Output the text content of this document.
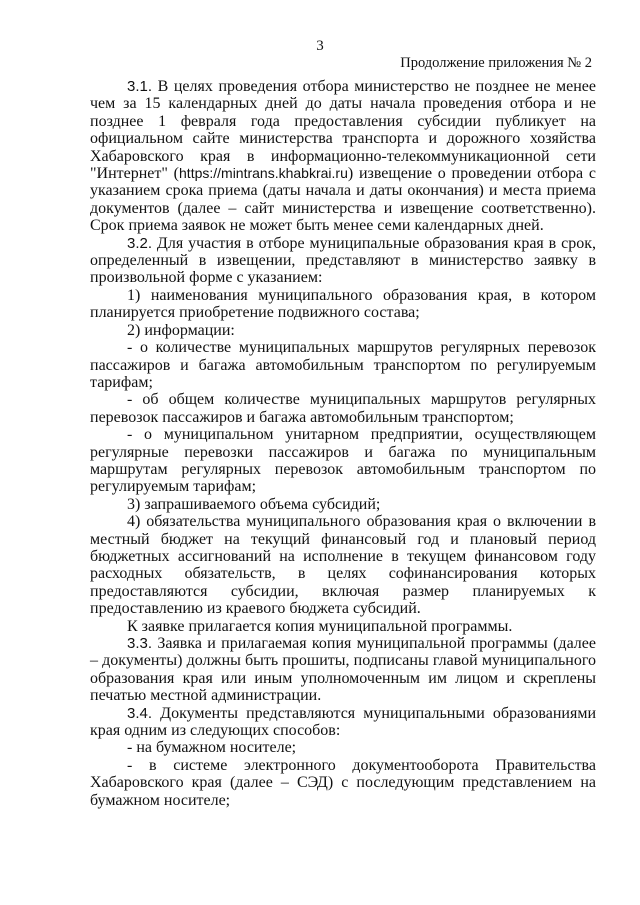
3
Продолжение приложения № 2

3.1. В целях проведения отбора министерство не позднее не менее чем за 15 календарных дней до даты начала проведения отбора и не позднее 1 февраля года предоставления субсидии публикует на официальном сайте министерства транспорта и дорожного хозяйства Хабаровского края в информационно-телекоммуникационной сети "Интернет" (https://mintrans.khabkrai.ru) извещение о проведении отбора с указанием срока приема (даты начала и даты окончания) и места приема документов (далее – сайт министерства и извещение соответственно). Срок приема заявок не может быть менее семи календарных дней.

3.2. Для участия в отборе муниципальные образования края в срок, определенный в извещении, представляют в министерство заявку в произвольной форме с указанием:

1) наименования муниципального образования края, в котором планируется приобретение подвижного состава;

2) информации:

- о количестве муниципальных маршрутов регулярных перевозок пассажиров и багажа автомобильным транспортом по регулируемым тарифам;

- об общем количестве муниципальных маршрутов регулярных перевозок пассажиров и багажа автомобильным транспортом;

- о муниципальном унитарном предприятии, осуществляющем регулярные перевозки пассажиров и багажа по муниципальным маршрутам регулярных перевозок автомобильным транспортом по регулируемым тарифам;

3) запрашиваемого объема субсидий;

4) обязательства муниципального образования края о включении в местный бюджет на текущий финансовый год и плановый период бюджетных ассигнований на исполнение в текущем финансовом году расходных обязательств, в целях софинансирования которых предоставляются субсидии, включая размер планируемых к предоставлению из краевого бюджета субсидий.

К заявке прилагается копия муниципальной программы.

3.3. Заявка и прилагаемая копия муниципальной программы (далее – документы) должны быть прошиты, подписаны главой муниципального образования края или иным уполномоченным им лицом и скреплены печатью местной администрации.

3.4. Документы представляются муниципальными образованиями края одним из следующих способов:

- на бумажном носителе;

- в системе электронного документооборота Правительства Хабаровского края (далее – СЭД) с последующим представлением на бумажном носителе;
